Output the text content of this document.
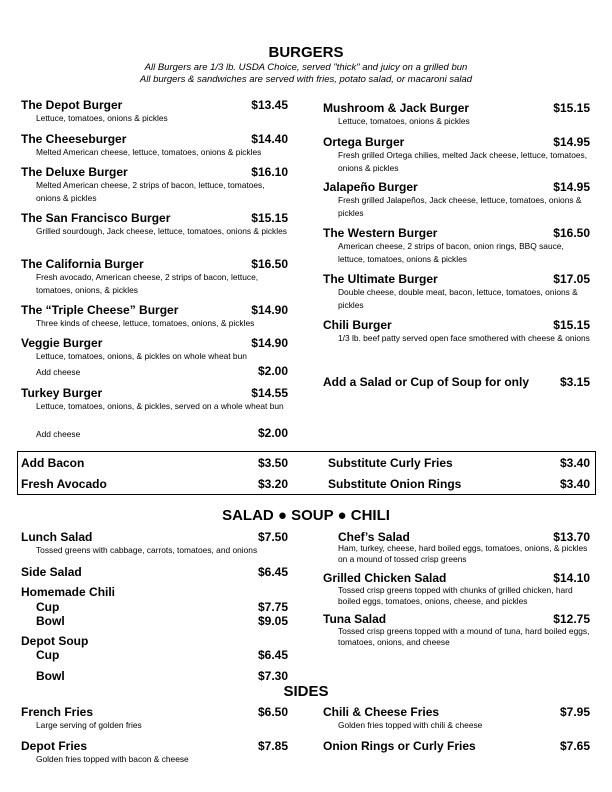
BURGERS
All Burgers are 1/3 lb. USDA Choice, served "thick" and juicy on a grilled bun
All burgers & sandwiches are served with fries, potato salad, or macaroni salad
The Depot Burger	$13.45
Lettuce, tomatoes, onions & pickles
The Cheeseburger	$14.40
Melted American cheese, lettuce, tomatoes, onions & pickles
The Deluxe Burger	$16.10
Melted American cheese, 2 strips of bacon, lettuce, tomatoes, onions & pickles
The San Francisco Burger	$15.15
Grilled sourdough, Jack cheese, lettuce, tomatoes, onions & pickles
The California Burger	$16.50
Fresh avocado, American cheese, 2 strips of bacon, lettuce, tomatoes, onions, & pickles
The “Triple Cheese” Burger	$14.90
Three kinds of cheese, lettuce, tomatoes, onions, & pickles
Veggie Burger	$14.90
Lettuce, tomatoes, onions, & pickles on whole wheat bun
Add cheese	$2.00
Turkey Burger	$14.55
Lettuce, tomatoes, onions, & pickles, served on a whole wheat bun
Add cheese	$2.00
Mushroom & Jack Burger	$15.15
Lettuce, tomatoes, onions & pickles
Ortega Burger	$14.95
Fresh grilled Ortega chilies, melted Jack cheese, lettuce, tomatoes, onions & pickles
Jalapeño Burger	$14.95
Fresh grilled Jalapeños, Jack cheese, lettuce, tomatoes, onions & pickles
The Western Burger	$16.50
American cheese, 2 strips of bacon, onion rings, BBQ sauce, lettuce, tomatoes, onions & pickles
The Ultimate Burger	$17.05
Double cheese, double meat, bacon, lettuce, tomatoes, onions & pickles
Chili Burger	$15.15
1/3 lb. beef patty served open face smothered with cheese & onions
Add a Salad or Cup of Soup for only	$3.15
Add Bacon	$3.50	Substitute Curly Fries	$3.40
Fresh Avocado	$3.20	Substitute Onion Rings	$3.40
SALAD ● SOUP ● CHILI
Lunch Salad	$7.50
Tossed greens with cabbage, carrots, tomatoes, and onions
Side Salad	$6.45
Homemade Chili
Cup	$7.75
Bowl	$9.05
Depot Soup
Cup	$6.45
Bowl	$7.30
Chef’s Salad	$13.70
Ham, turkey, cheese, hard boiled eggs, tomatoes, onions, & pickles on a mound of tossed crisp greens
Grilled Chicken Salad	$14.10
Tossed crisp greens topped with chunks of grilled chicken, hard boiled eggs, tomatoes, onions, cheese, and pickles
Tuna Salad	$12.75
Tossed crisp greens topped with a mound of tuna, hard boiled eggs, tomatoes, onions, and cheese
SIDES
French Fries	$6.50
Large serving of golden fries
Chili & Cheese Fries	$7.95
Golden fries topped with chili & cheese
Depot Fries	$7.85
Golden fries topped with bacon & cheese
Onion Rings or Curly Fries	$7.65
